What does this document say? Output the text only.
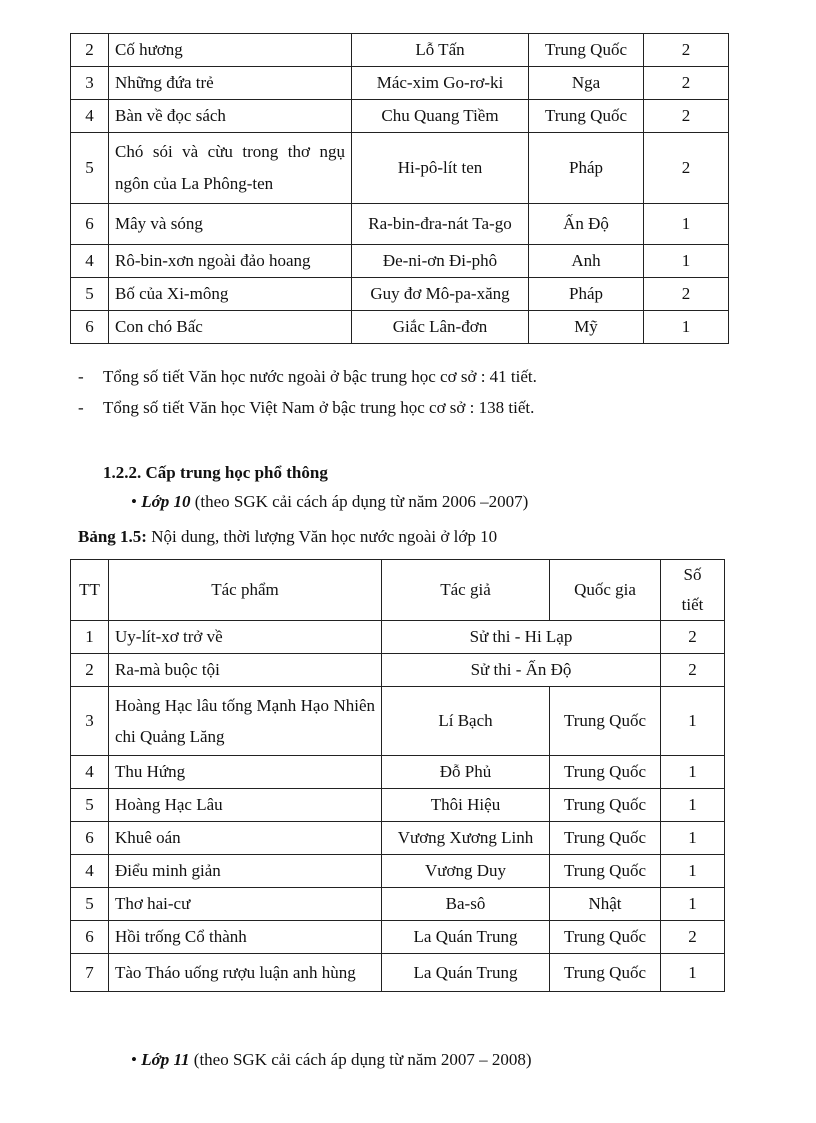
2	Cố hương	Lỗ Tấn	Trung Quốc	2
3	Những đứa trẻ	Mác-xim Go-rơ-ki	Nga	2
4	Bàn về đọc sách	Chu Quang Tiềm	Trung Quốc	2
5	Chó sói và cừu trong thơ ngụ ngôn của La Phông-ten	Hi-pô-lít ten	Pháp	2
6	Mây và sóng	Ra-bin-đra-nát Ta-go	Ấn Độ	1
4	Rô-bin-xơn ngoài đảo hoang	Đe-ni-ơn Đi-phô	Anh	1
5	Bố của Xi-mông	Guy đơ Mô-pa-xăng	Pháp	2
6	Con chó Bấc	Giắc Lân-đơn	Mỹ	1
- Tổng số tiết Văn học nước ngoài ở bậc trung học cơ sở : 41 tiết.
- Tổng số tiết Văn học Việt Nam ở bậc trung học cơ sở : 138 tiết.
1.2.2. Cấp trung học phổ thông
• Lớp 10 (theo SGK cải cách áp dụng từ năm 2006 –2007)
Bảng 1.5: Nội dung, thời lượng Văn học nước ngoài ở lớp 10
TT	Tác phẩm	Tác giả	Quốc gia	Số tiết
1	Uy-lít-xơ trở về	Sử thi - Hi Lạp		2
2	Ra-mà buộc tội	Sử thi - Ấn Độ		2
3	Hoàng Hạc lâu tống Mạnh Hạo Nhiên chi Quảng Lăng	Lí Bạch	Trung Quốc	1
4	Thu Hứng	Đỗ Phủ	Trung Quốc	1
5	Hoàng Hạc Lâu	Thôi Hiệu	Trung Quốc	1
6	Khuê oán	Vương Xương Linh	Trung Quốc	1
4	Điểu minh giản	Vương Duy	Trung Quốc	1
5	Thơ hai-cư	Ba-sô	Nhật	1
6	Hồi trống Cổ thành	La Quán Trung	Trung Quốc	2
7	Tào Tháo uống rượu luận anh hùng	La Quán Trung	Trung Quốc	1
• Lớp 11 (theo SGK cải cách áp dụng từ năm 2007 – 2008)
